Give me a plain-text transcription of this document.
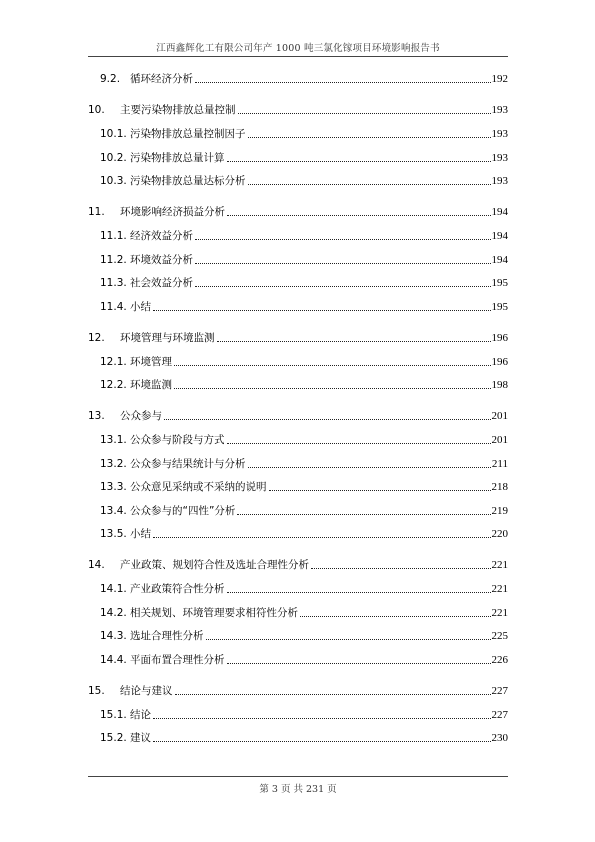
江西鑫辉化工有限公司年产 1000 吨三氯化镓项目环境影响报告书
9.2. 循环经济分析	192
10.	主要污染物排放总量控制	193
10.1. 污染物排放总量控制因子	193
10.2. 污染物排放总量计算	193
10.3. 污染物排放总量达标分析	193
11.	环境影响经济损益分析	194
11.1. 经济效益分析	194
11.2. 环境效益分析	194
11.3. 社会效益分析	195
11.4. 小结	195
12.	环境管理与环境监测	196
12.1. 环境管理	196
12.2. 环境监测	198
13.	公众参与	201
13.1. 公众参与阶段与方式	201
13.2. 公众参与结果统计与分析	211
13.3. 公众意见采纳或不采纳的说明	218
13.4. 公众参与的“四性”分析	219
13.5. 小结	220
14.	产业政策、规划符合性及选址合理性分析	221
14.1. 产业政策符合性分析	221
14.2. 相关规划、环境管理要求相符性分析	221
14.3. 选址合理性分析	225
14.4. 平面布置合理性分析	226
15.	结论与建议	227
15.1. 结论	227
15.2. 建议	230
第 3 页 共 231 页
